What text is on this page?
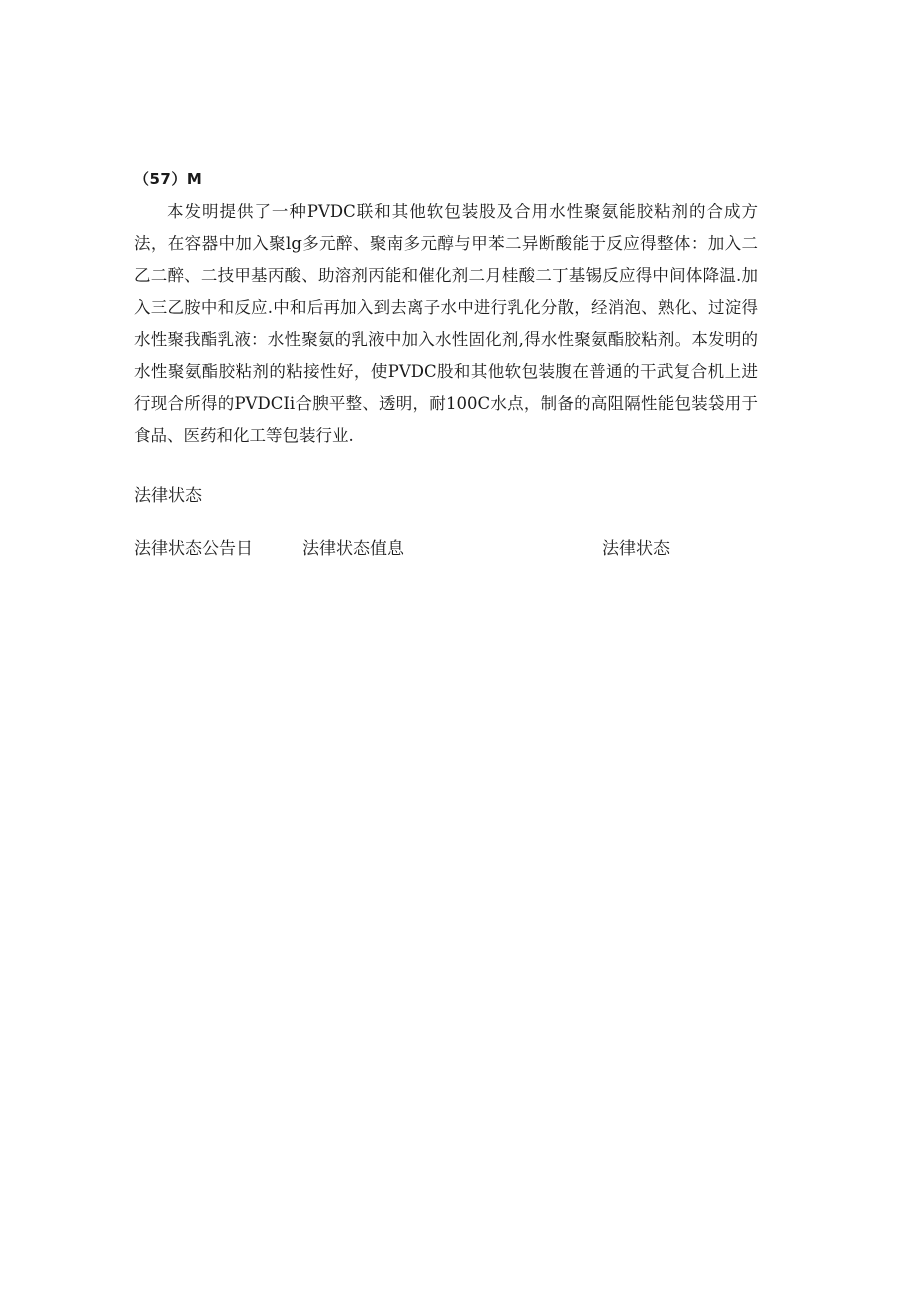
（57）M

本发明提供了一种PVDC联和其他软包装股及合用水性聚氨能胶粘剂的合成方法，在容器中加入聚lg多元醉、聚南多元醇与甲苯二异断酸能于反应得整体：加入二乙二醉、二技甲基丙酸、助溶剂丙能和催化剂二月桂酸二丁基锡反应得中间体降温.加入三乙胺中和反应.中和后再加入到去离子水中进行乳化分散，经消泡、熟化、过淀得水性聚我酯乳液：水性聚氨的乳液中加入水性固化剂,得水性聚氨酯胶粘剂。本发明的水性聚氨酯胶粘剂的粘接性好，使PVDC股和其他软包装腹在普通的干武复合机上进行现合所得的PVDCIi合腴平整、透明，耐100C水点，制备的高阻隔性能包装袋用于食品、医药和化工等包装行业.

法律状态
法律状态公告日	法律状态值息	法律状态
